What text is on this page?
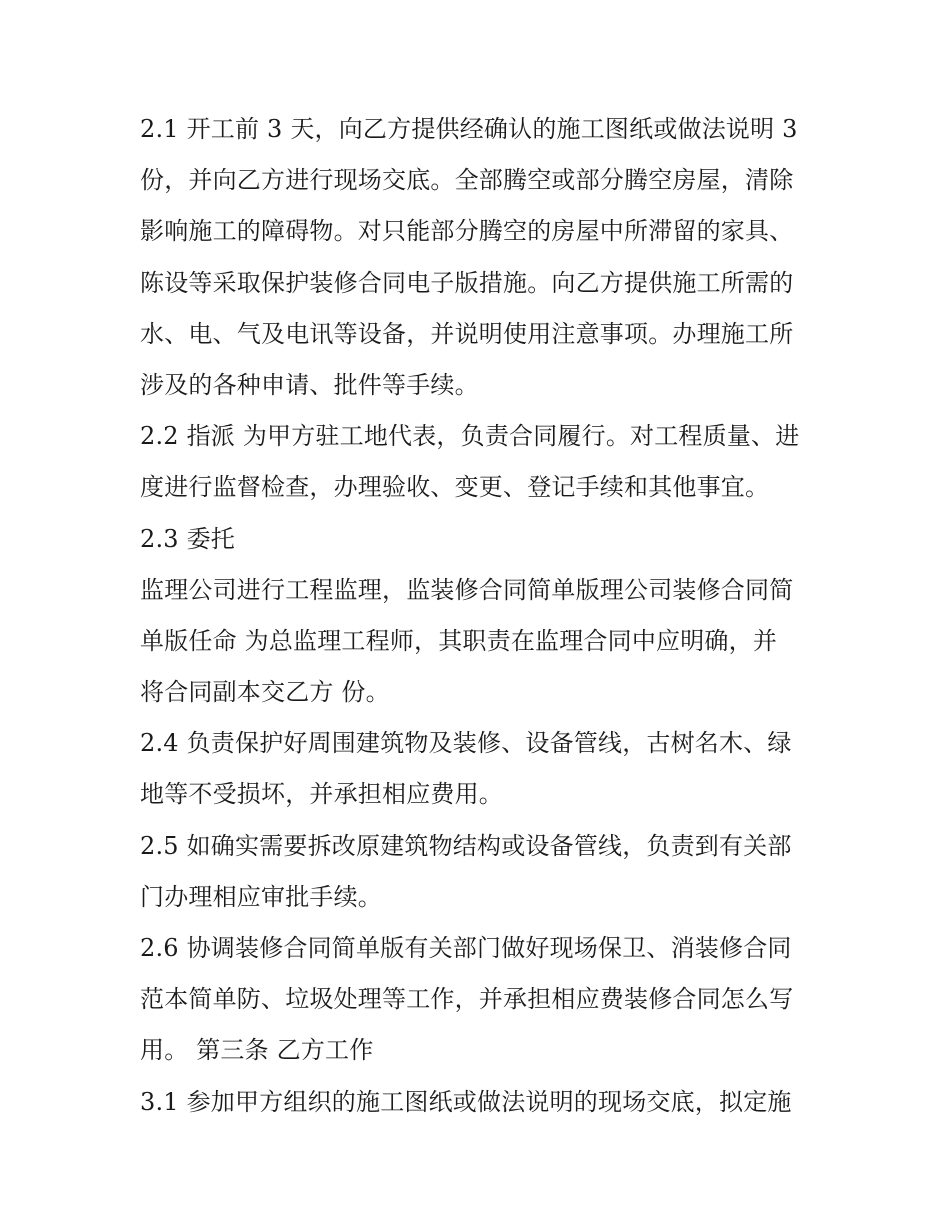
2.1 开工前 3 天，向乙方提供经确认的施工图纸或做法说明 3
份，并向乙方进行现场交底。全部腾空或部分腾空房屋，清除
影响施工的障碍物。对只能部分腾空的房屋中所滞留的家具、
陈设等采取保护装修合同电子版措施。向乙方提供施工所需的
水、电、气及电讯等设备，并说明使用注意事项。办理施工所
涉及的各种申请、批件等手续。
2.2 指派 为甲方驻工地代表，负责合同履行。对工程质量、进
度进行监督检查，办理验收、变更、登记手续和其他事宜。
2.3 委托
监理公司进行工程监理，监装修合同简单版理公司装修合同简
单版任命 为总监理工程师，其职责在监理合同中应明确，并
将合同副本交乙方 份。
2.4 负责保护好周围建筑物及装修、设备管线，古树名木、绿
地等不受损坏，并承担相应费用。
2.5 如确实需要拆改原建筑物结构或设备管线，负责到有关部
门办理相应审批手续。
2.6 协调装修合同简单版有关部门做好现场保卫、消装修合同
范本简单防、垃圾处理等工作，并承担相应费装修合同怎么写
用。 第三条 乙方工作
3.1 参加甲方组织的施工图纸或做法说明的现场交底，拟定施
